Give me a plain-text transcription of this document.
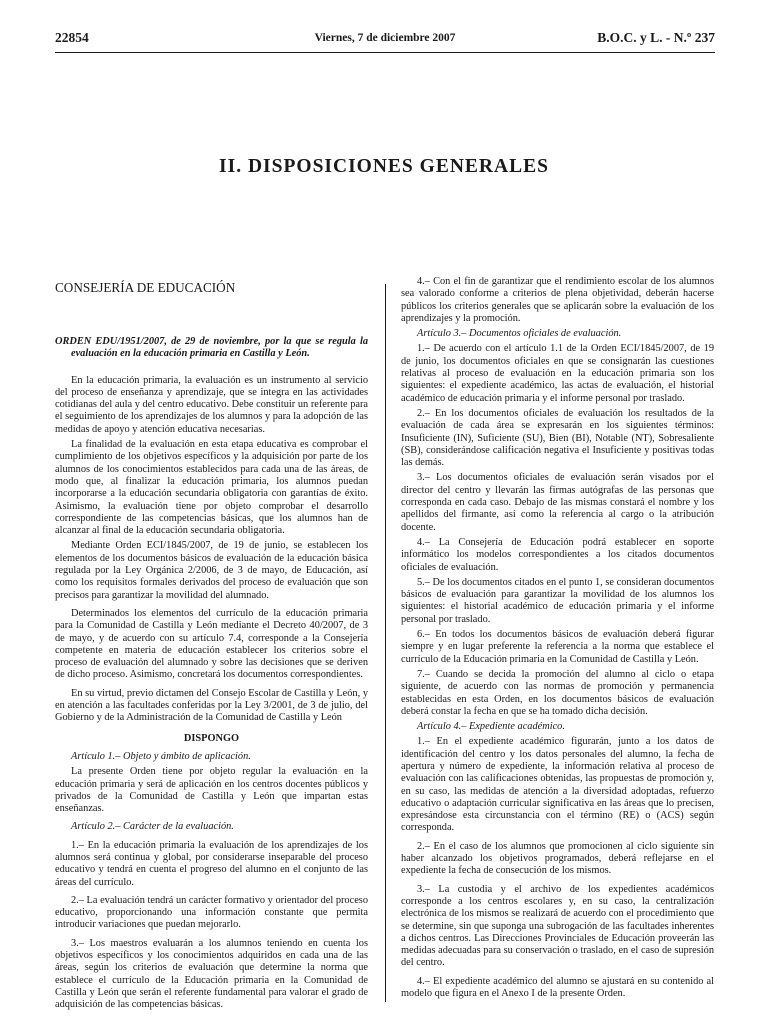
22854	Viernes, 7 de diciembre 2007	B.O.C. y L. - N.º 237
II. DISPOSICIONES GENERALES

CONSEJERÍA DE EDUCACIÓN

ORDEN EDU/1951/2007, de 29 de noviembre, por la que se regula la evaluación en la educación primaria en Castilla y León.

En la educación primaria, la evaluación es un instrumento al servicio del proceso de enseñanza y aprendizaje, que se integra en las actividades cotidianas del aula y del centro educativo. Debe constituir un referente para el seguimiento de los aprendizajes de los alumnos y para la adopción de las medidas de apoyo y atención educativa necesarias.

La finalidad de la evaluación en esta etapa educativa es comprobar el cumplimiento de los objetivos específicos y la adquisición por parte de los alumnos de los conocimientos establecidos para cada una de las áreas, de modo que, al finalizar la educación primaria, los alumnos puedan incorporarse a la educación secundaria obligatoria con garantías de éxito. Asimismo, la evaluación tiene por objeto comprobar el desarrollo correspondiente de las competencias básicas, que los alumnos han de alcanzar al final de la educación secundaria obligatoria.

Mediante Orden ECI/1845/2007, de 19 de junio, se establecen los elementos de los documentos básicos de evaluación de la educación básica regulada por la Ley Orgánica 2/2006, de 3 de mayo, de Educación, así como los requisitos formales derivados del proceso de evaluación que son precisos para garantizar la movilidad del alumnado.

Determinados los elementos del currículo de la educación primaria para la Comunidad de Castilla y León mediante el Decreto 40/2007, de 3 de mayo, y de acuerdo con su artículo 7.4, corresponde a la Consejería competente en materia de educación establecer los criterios sobre el proceso de evaluación del alumnado y sobre las decisiones que se deriven de dicho proceso. Asimismo, concretará los documentos correspondientes.

En su virtud, previo dictamen del Consejo Escolar de Castilla y León, y en atención a las facultades conferidas por la Ley 3/2001, de 3 de julio, del Gobierno y de la Administración de la Comunidad de Castilla y León

DISPONGO

Artículo 1.– Objeto y ámbito de aplicación.

La presente Orden tiene por objeto regular la evaluación en la educación primaria y será de aplicación en los centros docentes públicos y privados de la Comunidad de Castilla y León que impartan estas enseñanzas.

Artículo 2.– Carácter de la evaluación.

1.– En la educación primaria la evaluación de los aprendizajes de los alumnos será continua y global, por considerarse inseparable del proceso educativo y tendrá en cuenta el progreso del alumno en el conjunto de las áreas del currículo.

2.– La evaluación tendrá un carácter formativo y orientador del proceso educativo, proporcionando una información constante que permita introducir variaciones que puedan mejorarlo.

3.– Los maestros evaluarán a los alumnos teniendo en cuenta los objetivos específicos y los conocimientos adquiridos en cada una de las áreas, según los criterios de evaluación que determine la norma que establece el currículo de la Educación primaria en la Comunidad de Castilla y León que serán el referente fundamental para valorar el grado de adquisición de las competencias básicas.

4.– Con el fin de garantizar que el rendimiento escolar de los alumnos sea valorado conforme a criterios de plena objetividad, deberán hacerse públicos los criterios generales que se aplicarán sobre la evaluación de los aprendizajes y la promoción.

Artículo 3.– Documentos oficiales de evaluación.

1.– De acuerdo con el artículo 1.1 de la Orden ECI/1845/2007, de 19 de junio, los documentos oficiales en que se consignarán las cuestiones relativas al proceso de evaluación en la educación primaria son los siguientes: el expediente académico, las actas de evaluación, el historial académico de educación primaria y el informe personal por traslado.

2.– En los documentos oficiales de evaluación los resultados de la evaluación de cada área se expresarán en los siguientes términos: Insuficiente (IN), Suficiente (SU), Bien (BI), Notable (NT), Sobresaliente (SB), considerándose calificación negativa el Insuficiente y positivas todas las demás.

3.– Los documentos oficiales de evaluación serán visados por el director del centro y llevarán las firmas autógrafas de las personas que corresponda en cada caso. Debajo de las mismas constará el nombre y los apellidos del firmante, así como la referencia al cargo o la atribución docente.

4.– La Consejería de Educación podrá establecer en soporte informático los modelos correspondientes a los citados documentos oficiales de evaluación.

5.– De los documentos citados en el punto 1, se consideran documentos básicos de evaluación para garantizar la movilidad de los alumnos los siguientes: el historial académico de educación primaria y el informe personal por traslado.

6.– En todos los documentos básicos de evaluación deberá figurar siempre y en lugar preferente la referencia a la norma que establece el currículo de la Educación primaria en la Comunidad de Castilla y León.

7.– Cuando se decida la promoción del alumno al ciclo o etapa siguiente, de acuerdo con las normas de promoción y permanencia establecidas en esta Orden, en los documentos básicos de evaluación deberá constar la fecha en que se ha tomado dicha decisión.

Artículo 4.– Expediente académico.

1.– En el expediente académico figurarán, junto a los datos de identificación del centro y los datos personales del alumno, la fecha de apertura y número de expediente, la información relativa al proceso de evaluación con las calificaciones obtenidas, las propuestas de promoción y, en su caso, las medidas de atención a la diversidad adoptadas, refuerzo educativo o adaptación curricular significativa en las áreas que lo precisen, expresándose esta circunstancia con el término (RE) o (ACS) según corresponda.

2.– En el caso de los alumnos que promocionen al ciclo siguiente sin haber alcanzado los objetivos programados, deberá reflejarse en el expediente la fecha de consecución de los mismos.

3.– La custodia y el archivo de los expedientes académicos corresponde a los centros escolares y, en su caso, la centralización electrónica de los mismos se realizará de acuerdo con el procedimiento que se determine, sin que suponga una subrogación de las facultades inherentes a dichos centros. Las Direcciones Provinciales de Educación proveerán las medidas adecuadas para su conservación o traslado, en el caso de supresión del centro.

4.– El expediente académico del alumno se ajustará en su contenido al modelo que figura en el Anexo I de la presente Orden.
